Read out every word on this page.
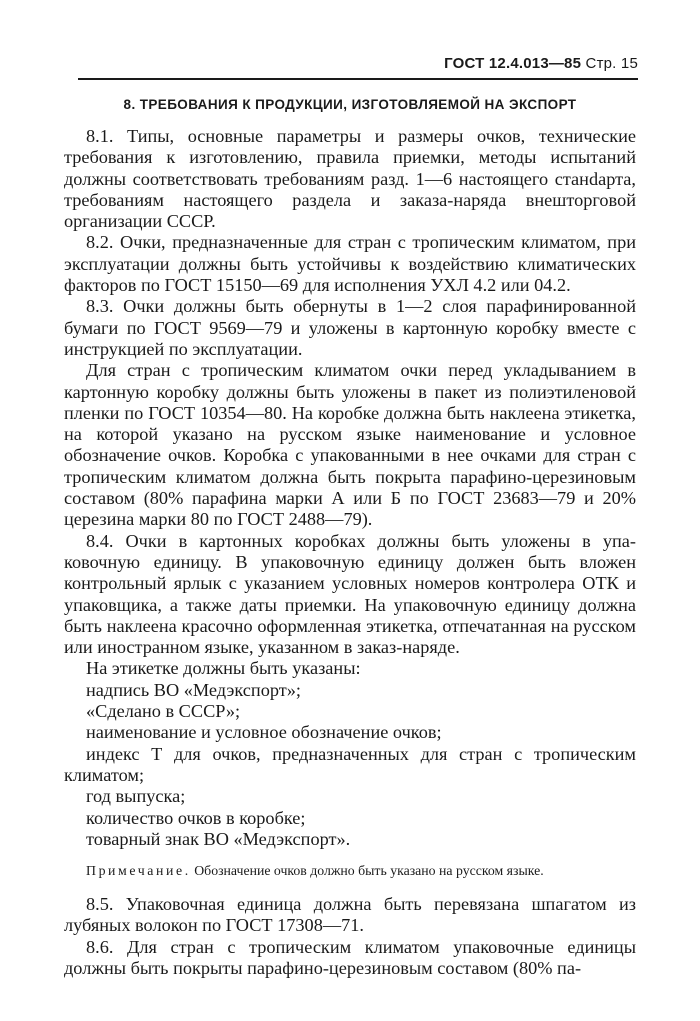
ГОСТ 12.4.013—85 Стр. 15
8. ТРЕБОВАНИЯ К ПРОДУКЦИИ, ИЗГОТОВЛЯЕМОЙ НА ЭКСПОРТ

8.1. Типы, основные параметры и размеры очков, технические требования к изготовлению, правила приемки, методы испытаний должны соответствовать требованиям разд. 1—6 настоящего станdарта, требованиям настоящего раздела и заказа-наряда внешторговой организации СССР.

8.2. Очки, предназначенные для стран с тропическим климатом, при эксплуатации должны быть устойчивы к воздействию климатических факторов по ГОСТ 15150—69 для исполнения УХЛ 4.2 или 04.2.

8.3. Очки должны быть обернуты в 1—2 слоя парафинированной бумаги по ГОСТ 9569—79 и уложены в картонную коробку вместе с инструкцией по эксплуатации.

Для стран с тропическим климатом очки перед укладыванием в картонную коробку должны быть уложены в пакет из полиэтиленовой пленки по ГОСТ 10354—80. На коробке должна быть наклеена этикетка, на которой указано на русском языке наименование и условное обозначение очков. Коробка с упакованными в нее очками для стран с тропическим климатом должна быть покрыта парафино-церезиновым составом (80% парафина марки А или Б по ГОСТ 23683—79 и 20% церезина марки 80 по ГОСТ 2488—79).

8.4. Очки в картонных коробках должны быть уложены в упаковочную единицу. В упаковочную единицу должен быть вложен контрольный ярлык с указанием условных номеров контролера ОТК и упаковщика, а также даты приемки. На упаковочную единицу должна быть наклеена красочно оформленная этикетка, отпечатанная на русском или иностранном языке, указанном в заказ-наряде.

На этикетке должны быть указаны:

надпись ВО «Медэкспорт»;

«Сделано в СССР»;

наименование и условное обозначение очков;

индекс Т для очков, предназначенных для стран с тропическим климатом;

год выпуска;

количество очков в коробке;

товарный знак ВО «Медэкспорт».

Примечание. Обозначение очков должно быть указано на русском языке.

8.5. Упаковочная единица должна быть перевязана шпагатом из лубяных волокон по ГОСТ 17308—71.

8.6. Для стран с тропическим климатом упаковочные единицы должны быть покрыты парафино-церезиновым составом (80% па-
